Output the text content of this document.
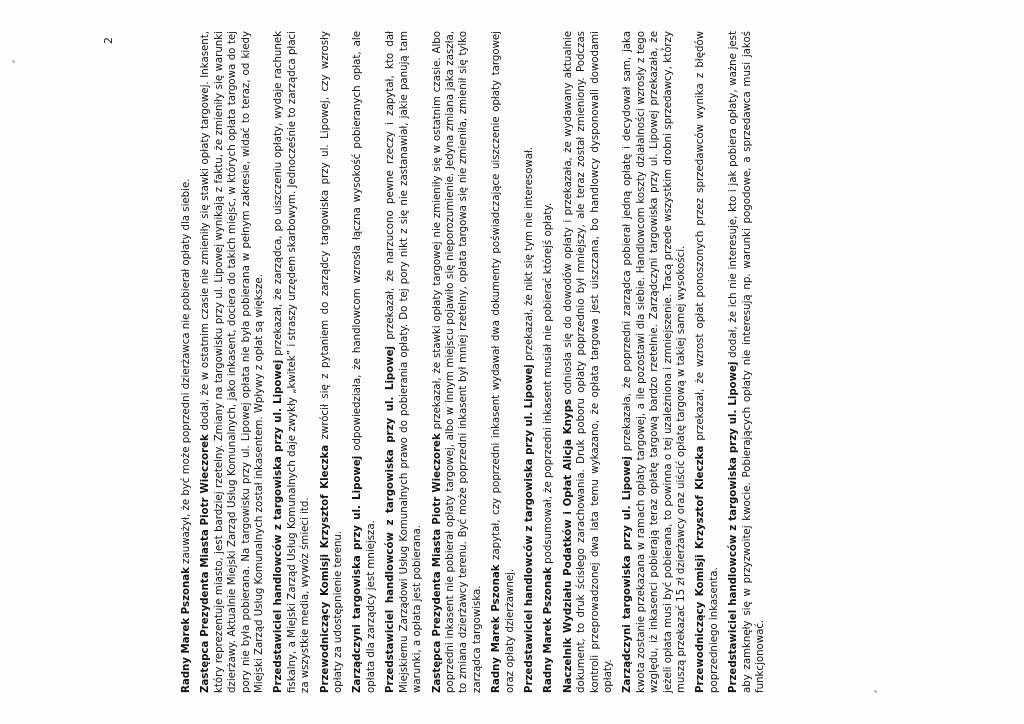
2

Radny Marek Pszonak zauważył, że być może poprzedni dzierżawca nie pobierał opłaty dla siebie. Zastępca Prezydenta Miasta Piotr Wieczorek dodał, że w ostatnim czasie nie zmieniły się stawki opłaty targowej. Inkasent, który reprezentuje miasto, jest bardziej rzetelny. Zmiany na targowisku przy ul. Lipowej wynikają z faktu, że zmieniły się warunki dzierżawy. Aktualnie Miejski Zarząd Usług Komunalnych, jako inkasent, dociera do takich miejsc, w których opłata targowa do tej pory nie była pobierana. Na targowisku przy ul. Lipowej opłata nie była pobierana w pełnym zakresie, widać to teraz, od kiedy Miejski Zarząd Usług Komunalnych został inkasentem. Wpływy z opłat są większe. Przedstawiciel handlowców z targowiska przy ul. Lipowej przekazał, że zarządca, po uiszczeniu opłaty, wydaje rachunek fiskalny, a Miejski Zarząd Usług Komunalnych daje zwykły „kwitek” i straszy urzędem skarbowym. Jednocześnie to zarządca płaci za wszystkie media, wywóz śmieci itd. Przewodniczący Komisji Krzysztof Kleczka zwrócił się z pytaniem do zarządcy targowiska przy ul. Lipowej, czy wzrosły opłaty za udostępnienie terenu. Zarządczyni targowiska przy ul. Lipowej odpowiedziała, że handlowcom wzrosła łączna wysokość pobieranych opłat, ale opłata dla zarządcy jest mniejsza. Przedstawiciel handlowców z targowiska przy ul. Lipowej przekazał, że narzucono pewne rzeczy i zapytał, kto dał Miejskiemu Zarządowi Usług Komunalnych prawo do pobierania opłaty. Do tej pory nikt z się nie zastanawiał, jakie panują tam warunki, a opłata jest pobierana. Zastępca Prezydenta Miasta Piotr Wieczorek przekazał, że stawki opłaty targowej nie zmieniły się w ostatnim czasie. Albo poprzedni inkasent nie pobierał opłaty targowej, albo w innym miejscu pojawiło się nieporozumienie. Jedyna zmiana jaka zaszła, to zmiana dzierżawcy terenu. Być może poprzedni inkasent był mniej rzetelny, opłata targowa się nie zmieniła, zmienił się tylko zarządca targowiska. Radny Marek Pszonak zapytał, czy poprzedni inkasent wydawał dwa dokumenty poświadczające uiszczenie opłaty targowej oraz opłaty dzierżawnej. Przedstawiciel handlowców z targowiska przy ul. Lipowej przekazał, że nikt się tym nie interesował.

Radny Marek Pszonak podsumował, że poprzedni inkasent musiał nie pobierać którejś opłaty. Naczelnik Wydziału Podatków i Opłat Alicja Knyps odniosła się do dowodów opłaty i przekazała, że wydawany aktualnie dokument, to druk ścisłego zarachowania. Druk poboru opłaty poprzednio był mniejszy, ale teraz został zmieniony. Podczas kontroli przeprowadzonej dwa lata temu wykazano, że opłata targowa jest uiszczana, bo handlowcy dysponowali dowodami opłaty. Zarządczyni targowiska przy ul. Lipowej przekazała, że poprzedni zarządca pobierał jedną opłatę i decydował sam, jaka kwota zostanie przekazana w ramach opłaty targowej, a ile pozostawi dla siebie. Handlowcom koszty działalności wzrosły z tego względu, iż inkasenci pobierają teraz opłatę targową bardzo rzetelnie. Zarządczyni targowiska przy ul. Lipowej przekazała, że jeżeli opłata musi być pobierana, to powinna o tej uzależniona i zmniejszenie. Tracą przede wszystkim drobni sprzedawcy, którzy muszą przekazać 15 zł dzierżawcy oraz uiścić opłatę targową w takiej samej wysokości. Przewodniczący Komisji Krzysztof Kleczka przekazał, że wzrost opłat ponoszonych przez sprzedawców wynika z błędów poprzedniego inkasenta. Przedstawiciel handlowców z targowiska przy ul. Lipowej dodał, że ich nie interesuje, kto i jak pobiera opłaty, ważne jest aby zamknęły się w przyzwoitej kwocie. Pobierających opłaty nie interesują np. warunki pogodowe, a sprzedawca musi jakoś funkcjonować.
